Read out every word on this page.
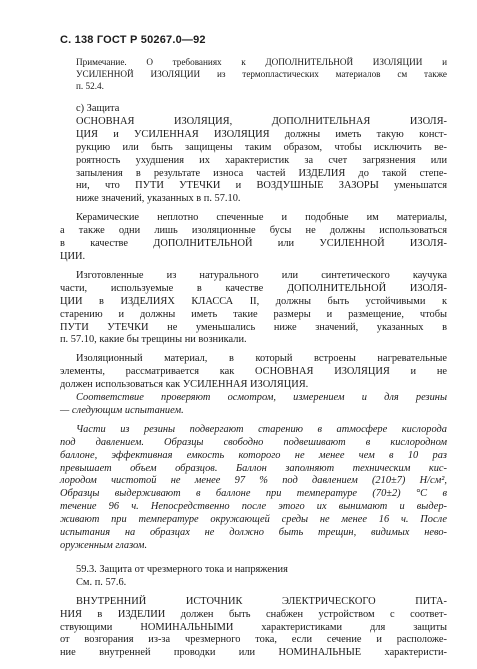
С. 138 ГОСТ Р 50267.0—92

Примечание. О требованиях к ДОПОЛНИТЕЛЬНОЙ ИЗОЛЯЦИИ и
УСИЛЕННОЙ ИЗОЛЯЦИИ из термопластических материалов см также
п. 52.4.

с) Защита

ОСНОВНАЯ ИЗОЛЯЦИЯ, ДОПОЛНИТЕЛЬНАЯ ИЗОЛЯ-
ЦИЯ и УСИЛЕННАЯ ИЗОЛЯЦИЯ должны иметь такую конст-
рукцию или быть защищены таким образом, чтобы исключить ве-
роятность ухудшения их характеристик за счет загрязнения или
запыления в результате износа частей ИЗДЕЛИЯ до такой степе-
ни, что ПУТИ УТЕЧКИ и ВОЗДУШНЫЕ ЗАЗОРЫ уменьшатся
ниже значений, указанных в п. 57.10.

Керамические неплотно спеченные и подобные им материалы,
а также одни лишь изоляционные бусы не должны использоваться
в качестве ДОПОЛНИТЕЛЬНОЙ или УСИЛЕННОЙ ИЗОЛЯ-
ЦИИ.

Изготовленные из натурального или синтетического каучука
части, используемые в качестве ДОПОЛНИТЕЛЬНОЙ ИЗОЛЯ-
ЦИИ в ИЗДЕЛИЯХ КЛАССА II, должны быть устойчивыми к
старению и должны иметь такие размеры и размещение, чтобы
ПУТИ УТЕЧКИ не уменьшались ниже значений, указанных в
п. 57.10, какие бы трещины ни возникали.

Изоляционный материал, в который встроены нагревательные
элементы, рассматривается как ОСНОВНАЯ ИЗОЛЯЦИЯ и не
должен использоваться как УСИЛЕННАЯ ИЗОЛЯЦИЯ.

Соответствие проверяют осмотром, измерением и для резины
— следующим испытанием.

Части из резины подвергают старению в атмосфере кислорода
под давлением. Образцы свободно подвешивают в кислородном
баллоне, эффективная емкость которого не менее чем в 10 раз
превышает объем образцов. Баллон заполняют техническим кис-
лородом чистотой не менее 97 % под давлением (210±7) Н/см²,
Образцы выдерживают в баллоне при температуре (70±2) °С в
течение 96 ч. Непосредственно после этого их вынимают и выдер-
живают при температуре окружающей среды не менее 16 ч. После
испытания на образцах не должно быть трещин, видимых нево-
оруженным глазом.

59.3. Защита от чрезмерного тока и напряжения

См. п. 57.6.

ВНУТРЕННИЙ ИСТОЧНИК ЭЛЕКТРИЧЕСКОГО ПИТА-
НИЯ в ИЗДЕЛИИ должен быть снабжен устройством с соответ-
ствующими НОМИНАЛЬНЫМИ характеристиками для защиты
от возгорания из-за чрезмерного тока, если сечение и расположе-
ние внутренней проводки или НОМИНАЛЬНЫЕ характеристи-
